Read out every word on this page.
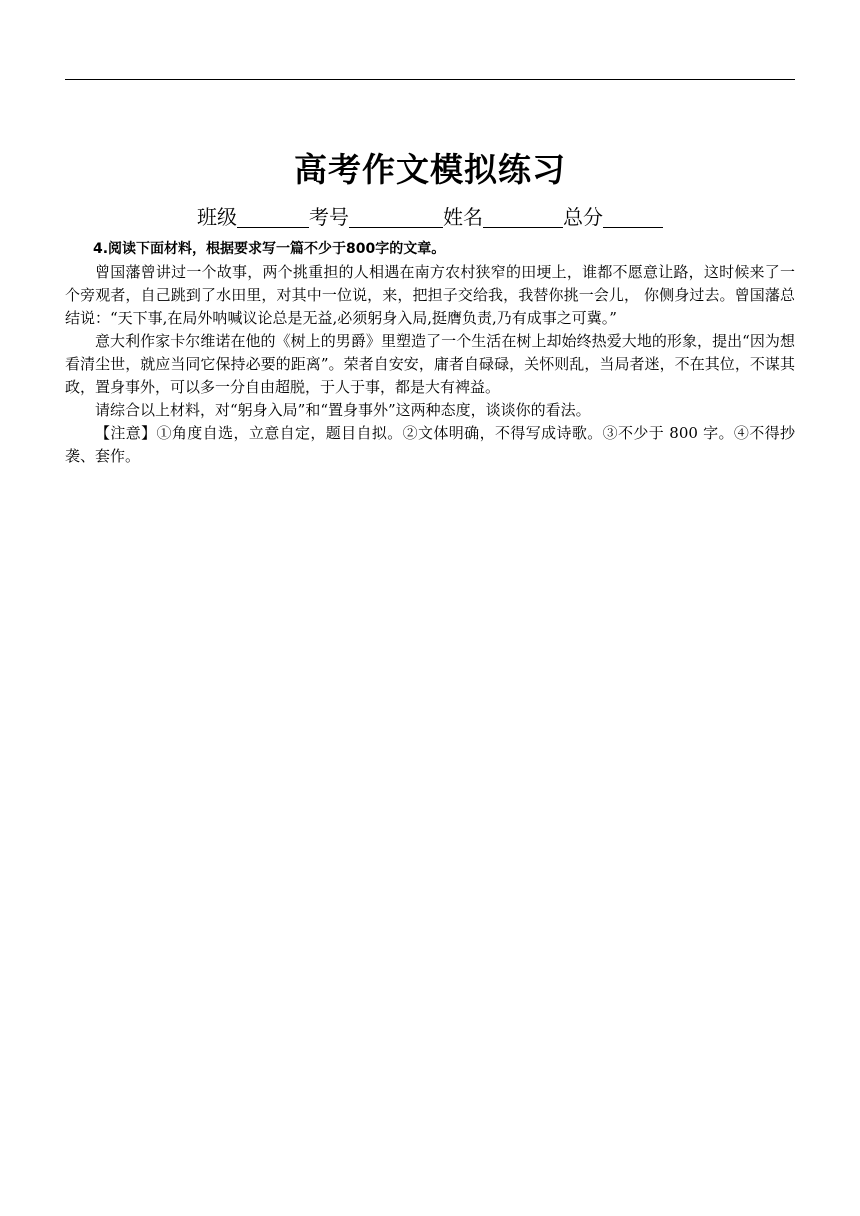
高考作文模拟练习
班级	考号	姓名	总分

4.阅读下面材料，根据要求写一篇不少于800字的文章。

曾国藩曾讲过一个故事，两个挑重担的人相遇在南方农村狭窄的田埂上，谁都不愿意让路，这时候来了一个旁观者，自己跳到了水田里，对其中一位说，来，把担子交给我，我替你挑一会儿， 你侧身过去。曾国藩总结说：“天下事,在局外呐喊议论总是无益,必须躬身入局,挺膺负责,乃有成事之可冀。”

意大利作家卡尔维诺在他的《树上的男爵》里塑造了一个生活在树上却始终热爱大地的形象，提出“因为想看清尘世，就应当同它保持必要的距离”。荣者自安安，庸者自碌碌，关怀则乱，当局者迷，不在其位，不谋其政，置身事外，可以多一分自由超脱，于人于事，都是大有裨益。

请综合以上材料，对“躬身入局”和“置身事外”这两种态度，谈谈你的看法。

【注意】①角度自选，立意自定，题目自拟。②文体明确，不得写成诗歌。③不少于 800 字。④不得抄袭、套作。
